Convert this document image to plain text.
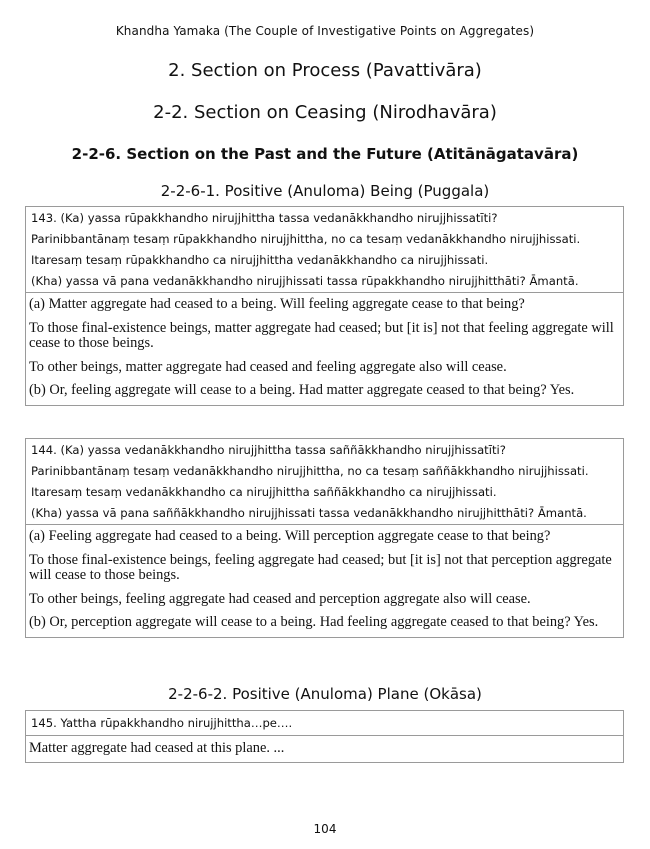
Khandha Yamaka (The Couple of Investigative Points on Aggregates)
2. Section on Process (Pavattivāra)
2-2. Section on Ceasing (Nirodhavāra)
2-2-6. Section on the Past and the Future (Atitānāgatavāra)
2-2-6-1. Positive (Anuloma) Being (Puggala)

143. (Ka) yassa rūpakkhandho nirujjhittha tassa vedanākkhandho nirujjhissatīti?

Parinibbantānaṃ tesaṃ rūpakkhandho nirujjhittha, no ca tesaṃ vedanākkhandho nirujjhissati.

Itaresaṃ tesaṃ rūpakkhandho ca nirujjhittha vedanākkhandho ca nirujjhissati.

(Kha) yassa vā pana vedanākkhandho nirujjhissati tassa rūpakkhandho nirujjhitthāti? Āmantā.

(a) Matter aggregate had ceased to a being. Will feeling aggregate cease to that being?

To those final-existence beings, matter aggregate had ceased; but [it is] not that feeling aggregate will cease to those beings.

To other beings, matter aggregate had ceased and feeling aggregate also will cease.

(b) Or, feeling aggregate will cease to a being. Had matter aggregate ceased to that being? Yes.

144. (Ka) yassa vedanākkhandho nirujjhittha tassa saññākkhandho nirujjhissatīti?

Parinibbantānaṃ tesaṃ vedanākkhandho nirujjhittha, no ca tesaṃ saññākkhandho nirujjhissati.

Itaresaṃ tesaṃ vedanākkhandho ca nirujjhittha saññākkhandho ca nirujjhissati.

(Kha) yassa vā pana saññākkhandho nirujjhissati tassa vedanākkhandho nirujjhitthāti? Āmantā.

(a) Feeling aggregate had ceased to a being. Will perception aggregate cease to that being?

To those final-existence beings, feeling aggregate had ceased; but [it is] not that perception aggregate will cease to those beings.

To other beings, feeling aggregate had ceased and perception aggregate also will cease.

(b) Or, perception aggregate will cease to a being. Had feeling aggregate ceased to that being? Yes.

2-2-6-2. Positive (Anuloma) Plane (Okāsa)

145. Yattha rūpakkhandho nirujjhittha…pe….

Matter aggregate had ceased at this plane. ...

104
